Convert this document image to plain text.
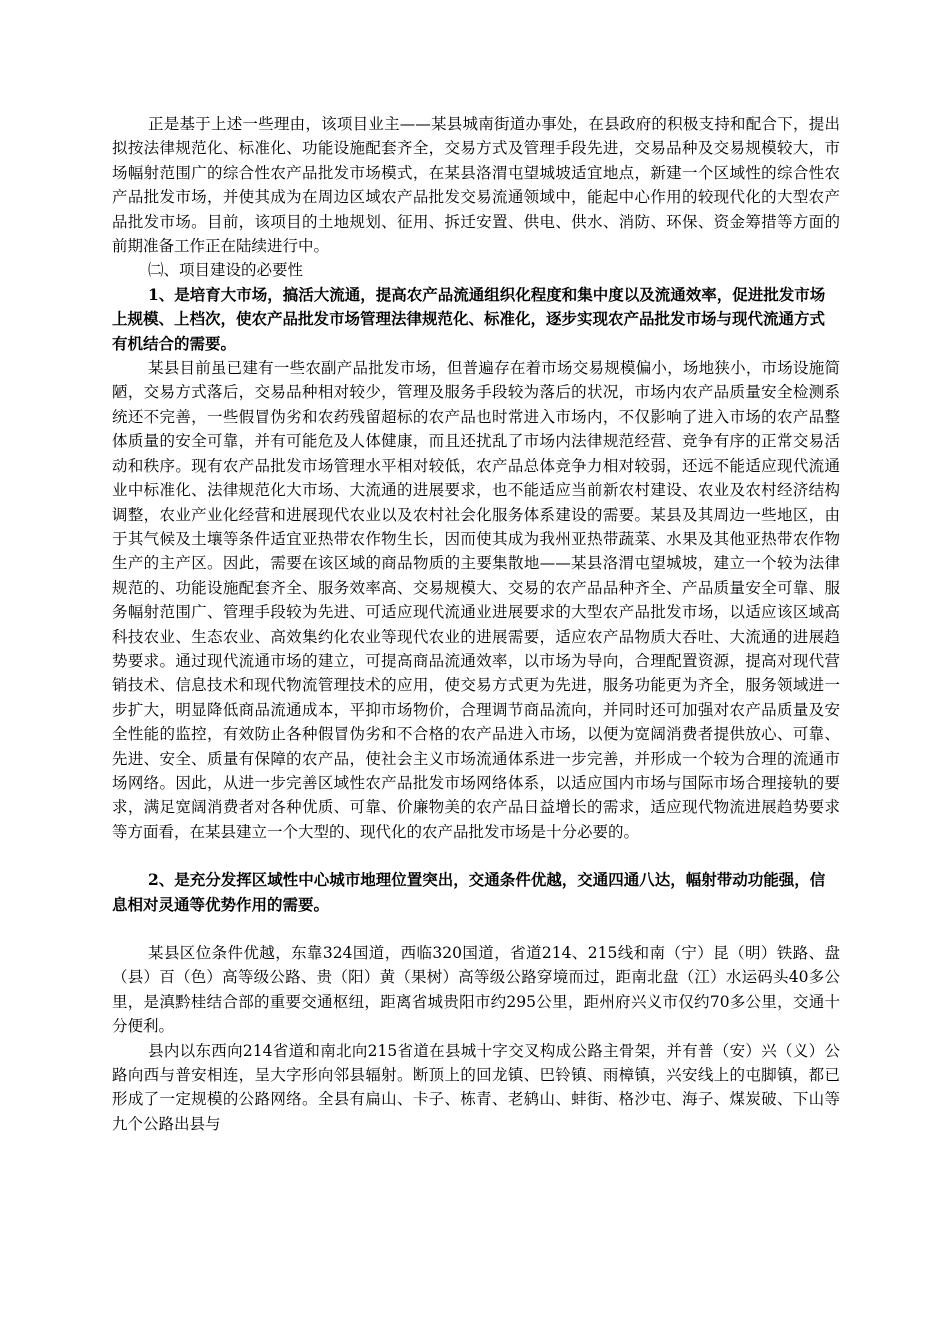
正是基于上述一些理由，该项目业主——某县城南街道办事处，在县政府的积极支持和配合下，提出拟按法律规范化、标准化、功能设施配套齐全，交易方式及管理手段先进，交易品种及交易规模较大，市场幅射范围广的综合性农产品批发市场模式，在某县洛渭屯望城坡适宜地点，新建一个区域性的综合性农产品批发市场，并使其成为在周边区域农产品批发交易流通领域中，能起中心作用的较现代化的大型农产品批发市场。目前，该项目的土地规划、征用、拆迁安置、供电、供水、消防、环保、资金筹措等方面的前期准备工作正在陆续进行中。

㈡、项目建设的必要性

1、是培育大市场，搞活大流通，提高农产品流通组织化程度和集中度以及流通效率，促进批发市场上规模、上档次，使农产品批发市场管理法律规范化、标准化，逐步实现农产品批发市场与现代流通方式有机结合的需要。

某县目前虽已建有一些农副产品批发市场，但普遍存在着市场交易规模偏小，场地狭小，市场设施简陋，交易方式落后，交易品种相对较少，管理及服务手段较为落后的状况，市场内农产品质量安全检测系统还不完善，一些假冒伪劣和农药残留超标的农产品也时常进入市场内，不仅影响了进入市场的农产品整体质量的安全可靠，并有可能危及人体健康，而且还扰乱了市场内法律规范经营、竞争有序的正常交易活动和秩序。现有农产品批发市场管理水平相对较低，农产品总体竞争力相对较弱，还远不能适应现代流通业中标准化、法律规范化大市场、大流通的进展要求，也不能适应当前新农村建设、农业及农村经济结构调整，农业产业化经营和进展现代农业以及农村社会化服务体系建设的需要。某县及其周边一些地区，由于其气候及土壤等条件适宜亚热带农作物生长，因而使其成为我州亚热带蔬菜、水果及其他亚热带农作物生产的主产区。因此，需要在该区域的商品物质的主要集散地——某县洛渭屯望城坡，建立一个较为法律规范的、功能设施配套齐全、服务效率高、交易规模大、交易的农产品品种齐全、产品质量安全可靠、服务幅射范围广、管理手段较为先进、可适应现代流通业进展要求的大型农产品批发市场，以适应该区域高科技农业、生态农业、高效集约化农业等现代农业的进展需要，适应农产品物质大吞吐、大流通的进展趋势要求。通过现代流通市场的建立，可提高商品流通效率，以市场为导向，合理配置资源，提高对现代营销技术、信息技术和现代物流管理技术的应用，使交易方式更为先进，服务功能更为齐全，服务领域进一步扩大，明显降低商品流通成本，平抑市场物价，合理调节商品流向，并同时还可加强对农产品质量及安全性能的监控，有效防止各种假冒伪劣和不合格的农产品进入市场，以便为宽阔消费者提供放心、可靠、先进、安全、质量有保障的农产品，使社会主义市场流通体系进一步完善，并形成一个较为合理的流通市场网络。因此，从进一步完善区域性农产品批发市场网络体系，以适应国内市场与国际市场合理接轨的要求，满足宽阔消费者对各种优质、可靠、价廉物美的农产品日益增长的需求，适应现代物流进展趋势要求等方面看，在某县建立一个大型的、现代化的农产品批发市场是十分必要的。

2、是充分发挥区域性中心城市地理位置突出，交通条件优越，交通四通八达，幅射带动功能强，信息相对灵通等优势作用的需要。

某县区位条件优越，东靠324国道，西临320国道，省道214、215线和南（宁）昆（明）铁路、盘（县）百（色）高等级公路、贵（阳）黄（果树）高等级公路穿境而过，距南北盘（江）水运码头40多公里，是滇黔桂结合部的重要交通枢纽，距离省城贵阳市约295公里，距州府兴义市仅约70多公里，交通十分便利。

县内以东西向214省道和南北向215省道在县城十字交叉构成公路主骨架，并有普（安）兴（义）公路向西与普安相连，呈大字形向邻县辐射。断顶上的回龙镇、巴铃镇、雨樟镇，兴安线上的屯脚镇，都已形成了一定规模的公路网络。全县有扁山、卡子、栋青、老鸫山、蚌街、格沙屯、海子、煤炭破、下山等九个公路出县与
